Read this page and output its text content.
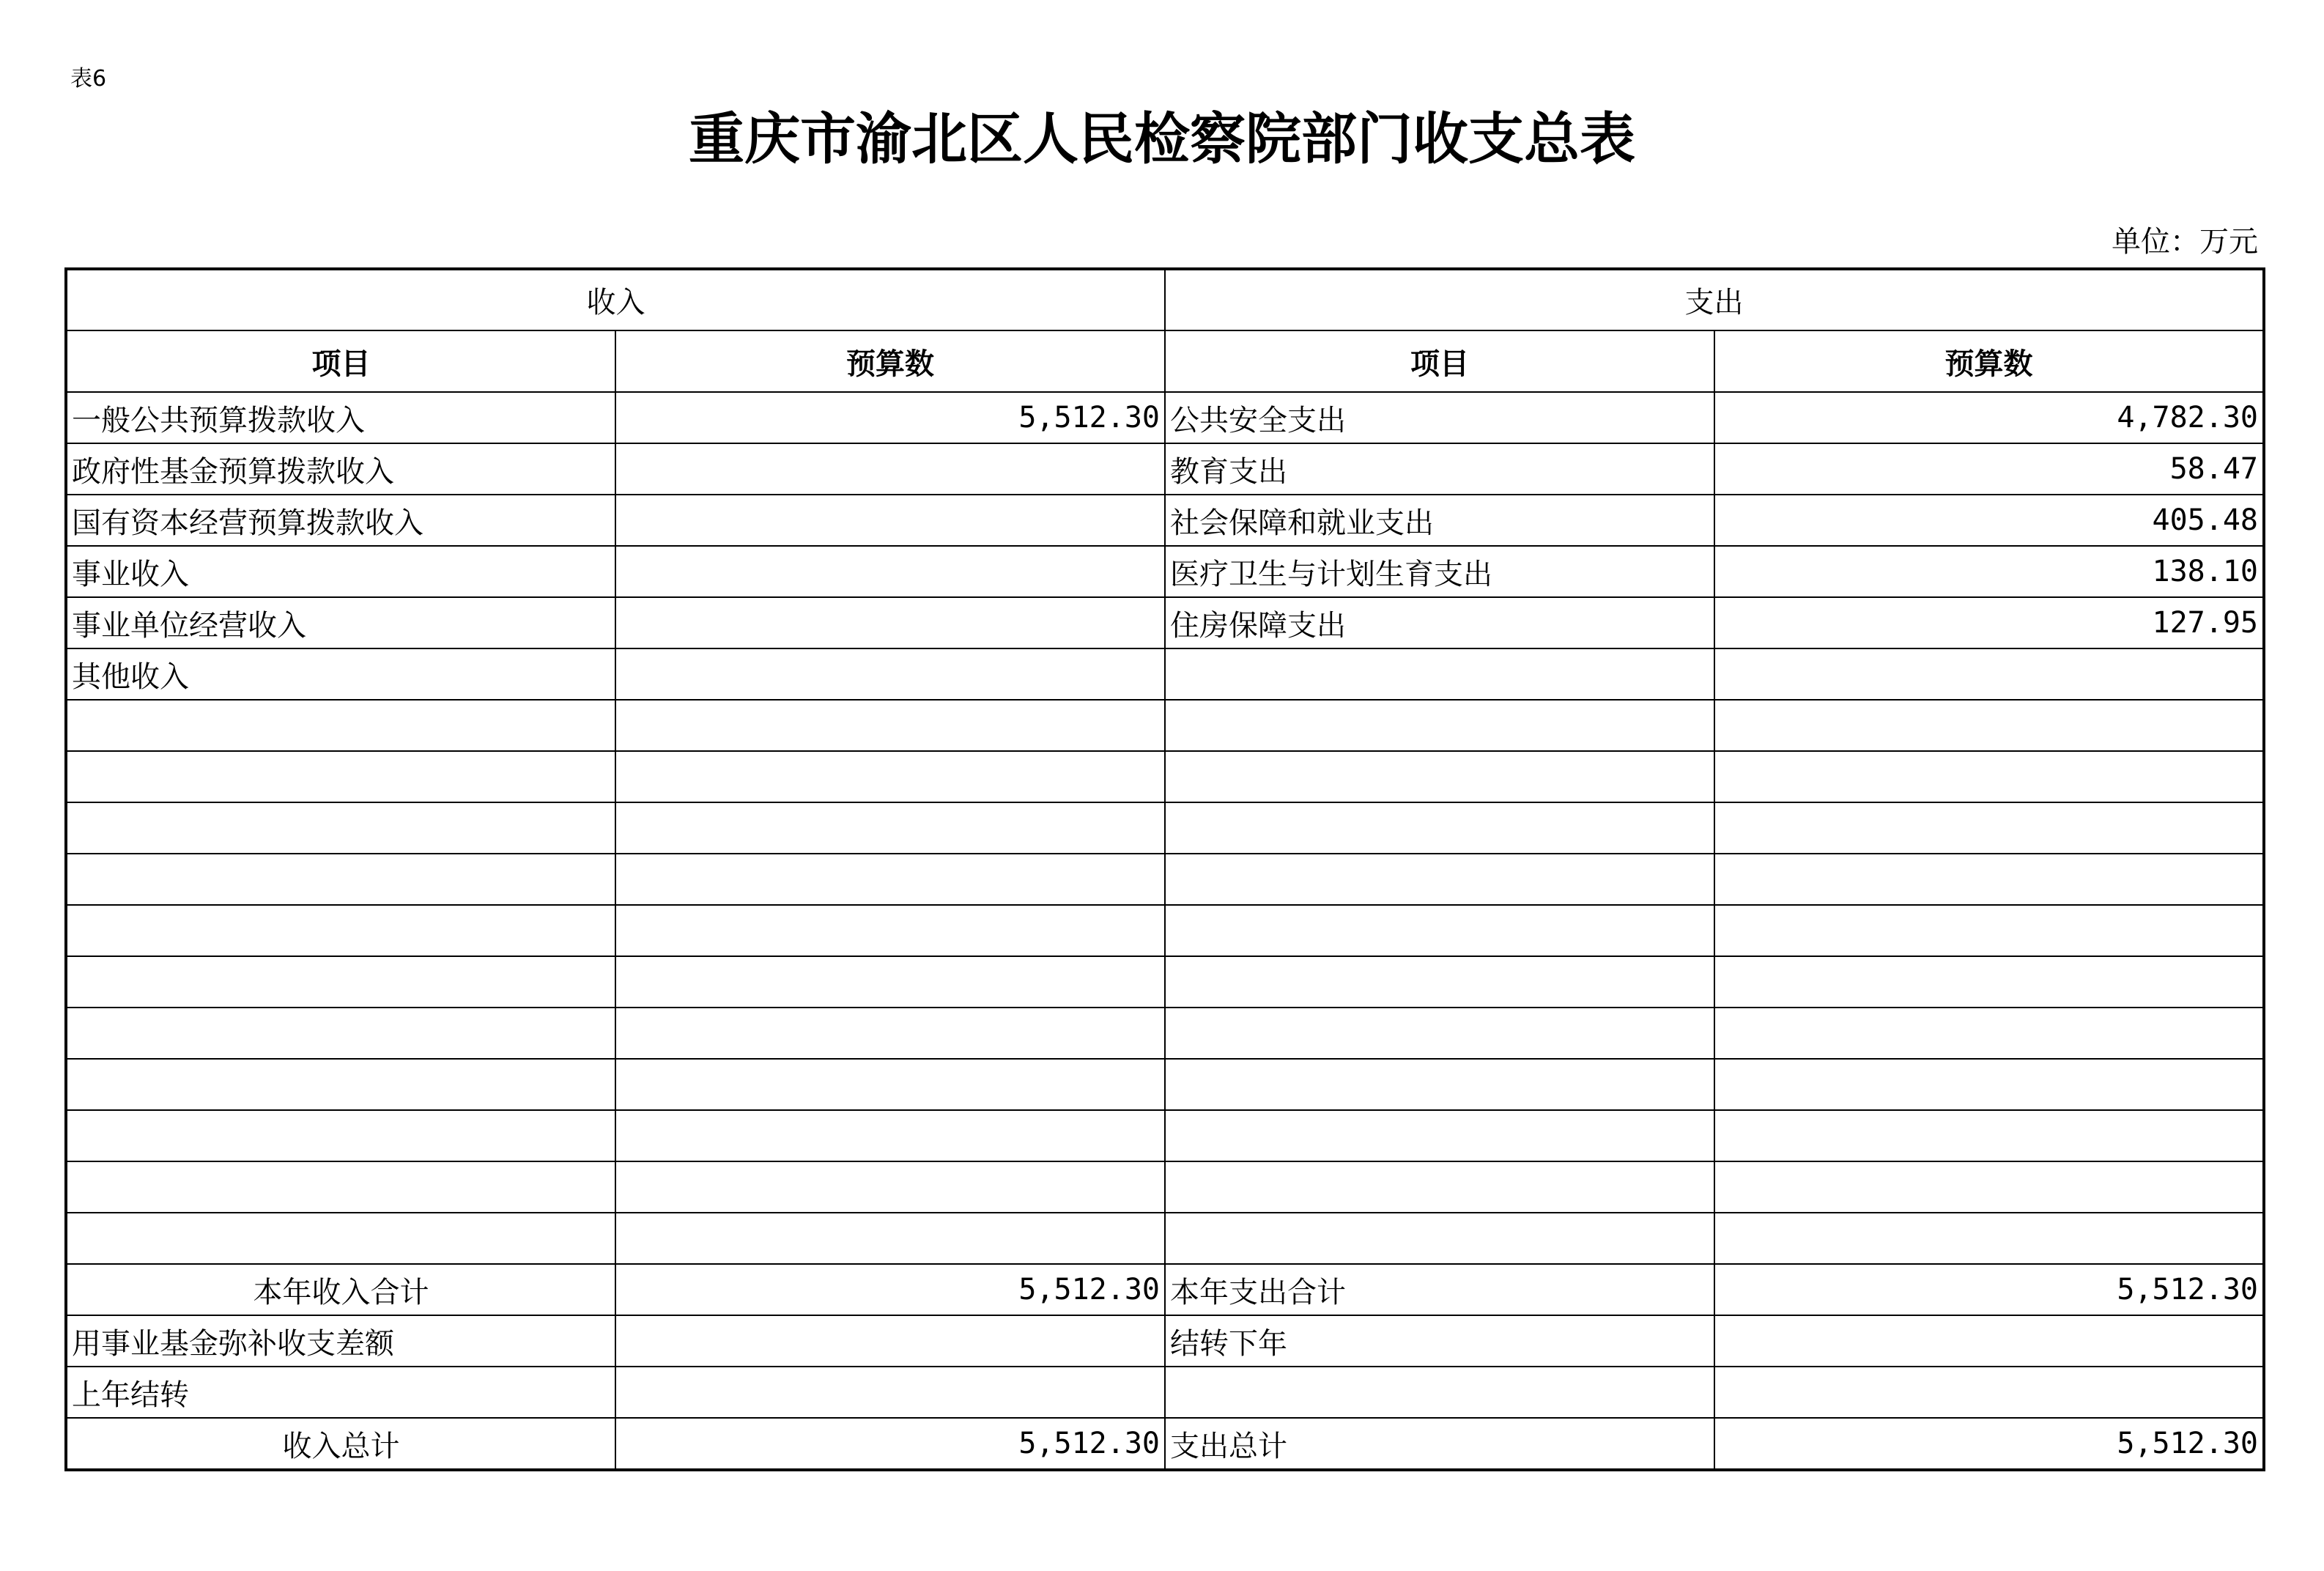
表6
重庆市渝北区人民检察院部门收支总表
单位：万元
收入		支出	
项目	预算数	项目	预算数
一般公共预算拨款收入	5,512.30	公共安全支出	4,782.30
政府性基金预算拨款收入		教育支出	58.47
国有资本经营预算拨款收入		社会保障和就业支出	405.48
事业收入		医疗卫生与计划生育支出	138.10
事业单位经营收入		住房保障支出	127.95
其他收入			

本年收入合计	5,512.30	本年支出合计	5,512.30
用事业基金弥补收支差额		结转下年	
上年结转			
收入总计	5,512.30	支出总计	5,512.30
